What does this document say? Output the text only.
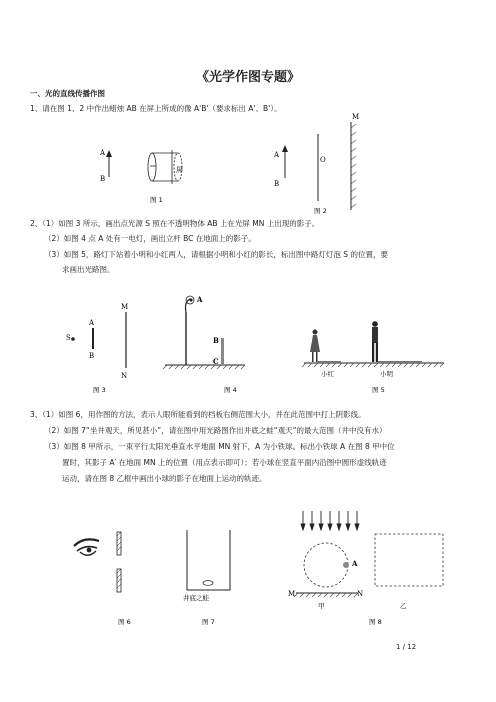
《光学作图专题》
一、光的直线传播作图
1、请在图 1、2 中作出蜡烛 AB 在屏上所成的像 A'B'（要求标出 A'、B'）。
2、（1）如图 3 所示，画出点光源 S 照在不透明物体 AB 上在光屏 MN 上出现的影子。
（2）如图 4 点 A 处有一电灯，画出立杆 BC 在地面上的影子。
（3）如图 5，路灯下站着小明和小红两人，请根据小明和小红的影长，标出图中路灯灯泡 S 的位置，要
求画出光路图。
3、（1）如图 6，用作图的方法，表示人眼所能看到的档板右侧范围大小，并在此范围中打上阴影线。
（2）如图 7“坐井观天，所见甚小”，请在图中用光路图作出井底之蛙“观天”的最大范围（井中没有水）
（3）如图 8 甲所示，一束平行太阳光垂直水平地面 MN 射下，A 为小铁球。标出小铁球 A 在图 8 甲中位
置时，其影子 A′ 在地面 MN 上的位置（用点表示即可）；若小球在竖直平面内沿图中圆形虚线轨迹
运动，请在图 8 乙框中画出小球的影子在地面上运动的轨迹。
A
B
屏
图 1
M
A
B
O
图 2
S
A
B
M
N
图 3
A
B
C
图 4
小红	小明
图 5
图 6
井底之蛙
图 7
A
M	N
甲	乙
图 8
1 / 12
